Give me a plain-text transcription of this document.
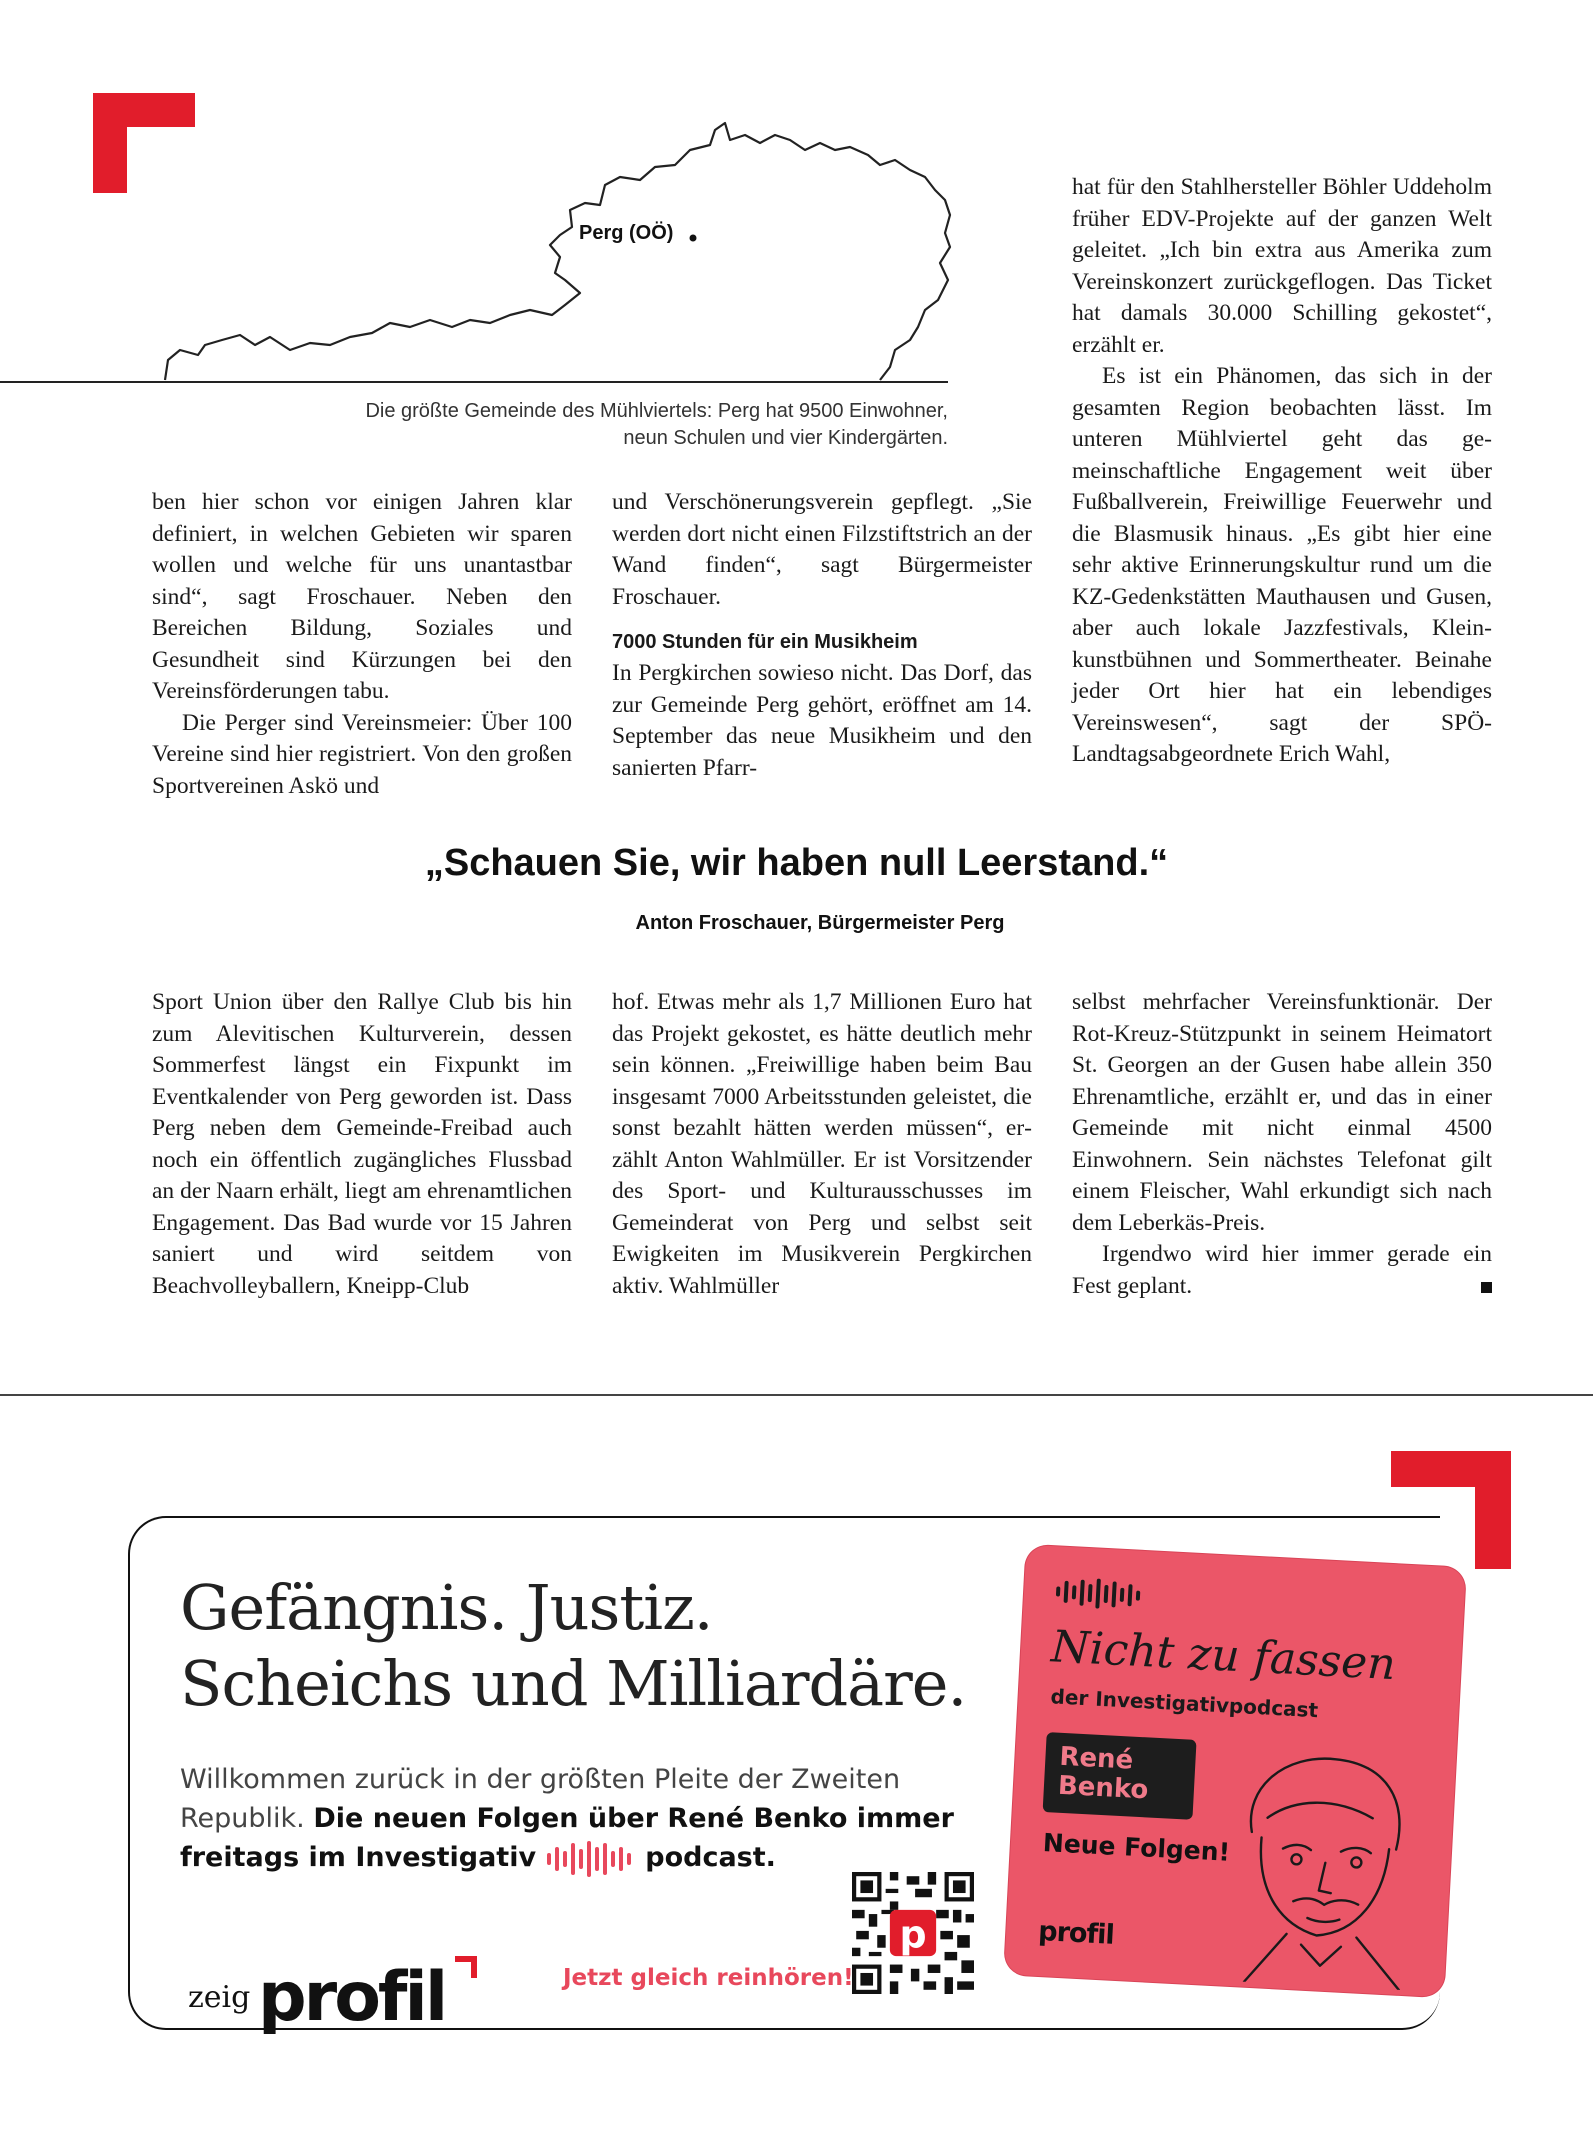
Perg (OÖ)
Die größte Gemeinde des Mühlviertels: Perg hat 9500 Einwohner,
neun Schulen und vier Kindergärten.

ben hier schon vor einigen Jahren klar definiert, in welchen Gebieten wir sparen wollen und welche für uns unantastbar sind“, sagt Froschauer. Neben den Bereichen Bildung, Soziales und Gesundheit sind Kürzungen bei den Vereinsförderungen tabu.

Die Perger sind Vereinsmeier: Über 100 Vereine sind hier registriert. Von den großen Sportvereinen Askö und

und Verschönerungsverein gepflegt. „Sie werden dort nicht einen Filzstiftstrich an der Wand finden“, sagt Bürgermeister Froschauer.

7000 Stunden für ein Musikheim

In Pergkirchen sowieso nicht. Das Dorf, das zur Gemeinde Perg gehört, eröffnet am 14. September das neue Musikheim und den sanierten Pfarr-

hat für den Stahlhersteller Böhler Uddeholm früher EDV-Projekte auf der ganzen Welt geleitet. „Ich bin extra aus Amerika zum Vereinskonzert zurückgeflogen. Das Ticket hat damals 30.000 Schilling gekostet“, erzählt er.

Es ist ein Phänomen, das sich in der gesamten Region beobachten lässt. Im unteren Mühlviertel geht das gemeinschaftliche Engagement weit über Fußballverein, Freiwillige Feuerwehr und die Blasmusik hinaus. „Es gibt hier eine sehr aktive Erinnerungskultur rund um die KZ-Gedenkstätten Mauthausen und Gusen, aber auch lokale Jazzfestivals, Kleinkunstbühnen und Sommertheater. Beinahe jeder Ort hier hat ein lebendiges Vereinswesen“, sagt der SPÖ-Landtagsabgeordnete Erich Wahl,

„Schauen Sie, wir haben null Leerstand.“
Anton Froschauer, Bürgermeister Perg

Sport Union über den Rallye Club bis hin zum Alevitischen Kulturverein, dessen Sommerfest längst ein Fixpunkt im Eventkalender von Perg geworden ist. Dass Perg neben dem Gemeinde-Freibad auch noch ein öffentlich zugängliches Flussbad an der Naarn erhält, liegt am ehrenamtlichen Engagement. Das Bad wurde vor 15 Jahren saniert und wird seitdem von Beachvolleyballern, Kneipp-Club

hof. Etwas mehr als 1,7 Millionen Euro hat das Projekt gekostet, es hätte deutlich mehr sein können. „Freiwillige haben beim Bau insgesamt 7000 Arbeitsstunden geleistet, die sonst bezahlt hätten werden müssen“, erzählt Anton Wahlmüller. Er ist Vorsitzender des Sport- und Kulturausschusses im Gemeinderat von Perg und selbst seit Ewigkeiten im Musikverein Pergkirchen aktiv. Wahlmüller

selbst mehrfacher Vereinsfunktionär. Der Rot-Kreuz-Stützpunkt in seinem Heimatort St. Georgen an der Gusen habe allein 350 Ehrenamtliche, erzählt er, und das in einer Gemeinde mit nicht einmal 4500 Einwohnern. Sein nächstes Telefonat gilt einem Fleischer, Wahl erkundigt sich nach dem Leberkäs-Preis.

Irgendwo wird hier immer gerade ein Fest geplant.

Gefängnis. Justiz.
Scheichs und Milliardäre.
Willkommen zurück in der größten Pleite der Zweiten Republik. Die neuen Folgen über René Benko immer freitags im Investigativ	podcast.
p
Jetzt gleich reinhören!
zeig profil
Nicht zu fassen
der Investigativpodcast
René
Benko
Neue Folgen!
profil
